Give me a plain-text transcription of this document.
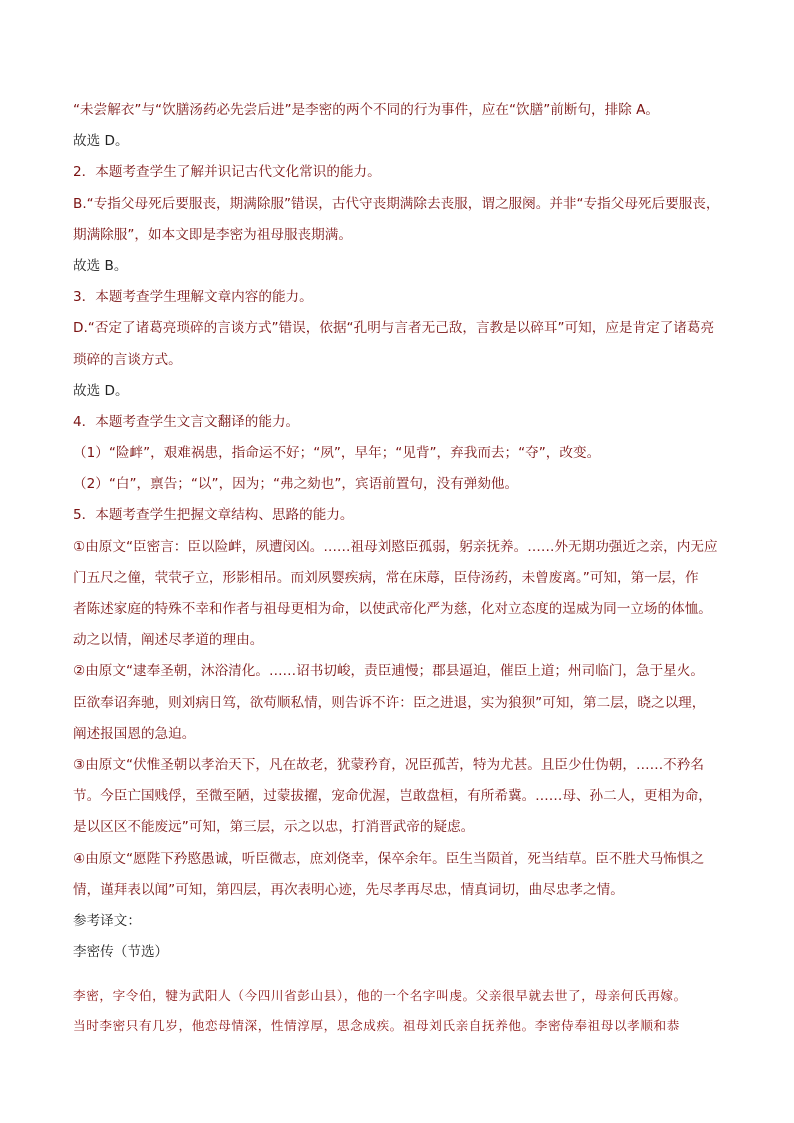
“未尝解衣”与“饮膳汤药必先尝后进”是李密的两个不同的行为事件，应在“饮膳”前断句，排除 A。
故选 D。
2．本题考查学生了解并识记古代文化常识的能力。
B.“专指父母死后要服丧，期满除服”错误，古代守丧期满除去丧服，谓之服阕。并非“专指父母死后要服丧，
期满除服”，如本文即是李密为祖母服丧期满。
故选 B。
3．本题考查学生理解文章内容的能力。
D.“否定了诸葛亮琐碎的言谈方式”错误，依据“孔明与言者无己敌，言教是以碎耳”可知，应是肯定了诸葛亮
琐碎的言谈方式。
故选 D。
4．本题考查学生文言文翻译的能力。
（1）“险衅”，艰难祸患，指命运不好；“夙”，早年；“见背”，弃我而去；“夺”，改变。
（2）“白”，禀告；“以”，因为；“弗之劾也”，宾语前置句，没有弹劾他。
5．本题考查学生把握文章结构、思路的能力。
①由原文“臣密言：臣以险衅，夙遭闵凶。……祖母刘愍臣孤弱，躬亲抚养。……外无期功强近之亲，内无应
门五尺之僮，茕茕孑立，形影相吊。而刘夙婴疾病，常在床蓐，臣侍汤药，未曾废离。”可知，第一层，作
者陈述家庭的特殊不幸和作者与祖母更相为命，以使武帝化严为慈，化对立态度的逞威为同一立场的体恤。
动之以情，阐述尽孝道的理由。
②由原文“逮奉圣朝，沐浴清化。……诏书切峻，责臣逋慢；郡县逼迫，催臣上道；州司临门，急于星火。
臣欲奉诏奔驰，则刘病日笃，欲苟顺私情，则告诉不许：臣之进退，实为狼狈”可知，第二层，晓之以理，
阐述报国恩的急迫。
③由原文“伏惟圣朝以孝治天下，凡在故老，犹蒙矜育，况臣孤苦，特为尤甚。且臣少仕伪朝，……不矜名
节。今臣亡国贱俘，至微至陋，过蒙拔擢，宠命优渥，岂敢盘桓，有所希冀。……母、孙二人，更相为命，
是以区区不能废远”可知，第三层，示之以忠，打消晋武帝的疑虑。
④由原文“愿陛下矜愍愚诚，听臣微志，庶刘侥幸，保卒余年。臣生当陨首，死当结草。臣不胜犬马怖惧之
情，谨拜表以闻”可知，第四层，再次表明心迹，先尽孝再尽忠，情真词切，曲尽忠孝之情。
参考译文：
李密传（节选）
李密，字令伯，犍为武阳人（今四川省彭山县），他的一个名字叫虔。父亲很早就去世了，母亲何氏再嫁。
当时李密只有几岁，他恋母情深，性情淳厚，思念成疾。祖母刘氏亲自抚养他。李密侍奉祖母以孝顺和恭
